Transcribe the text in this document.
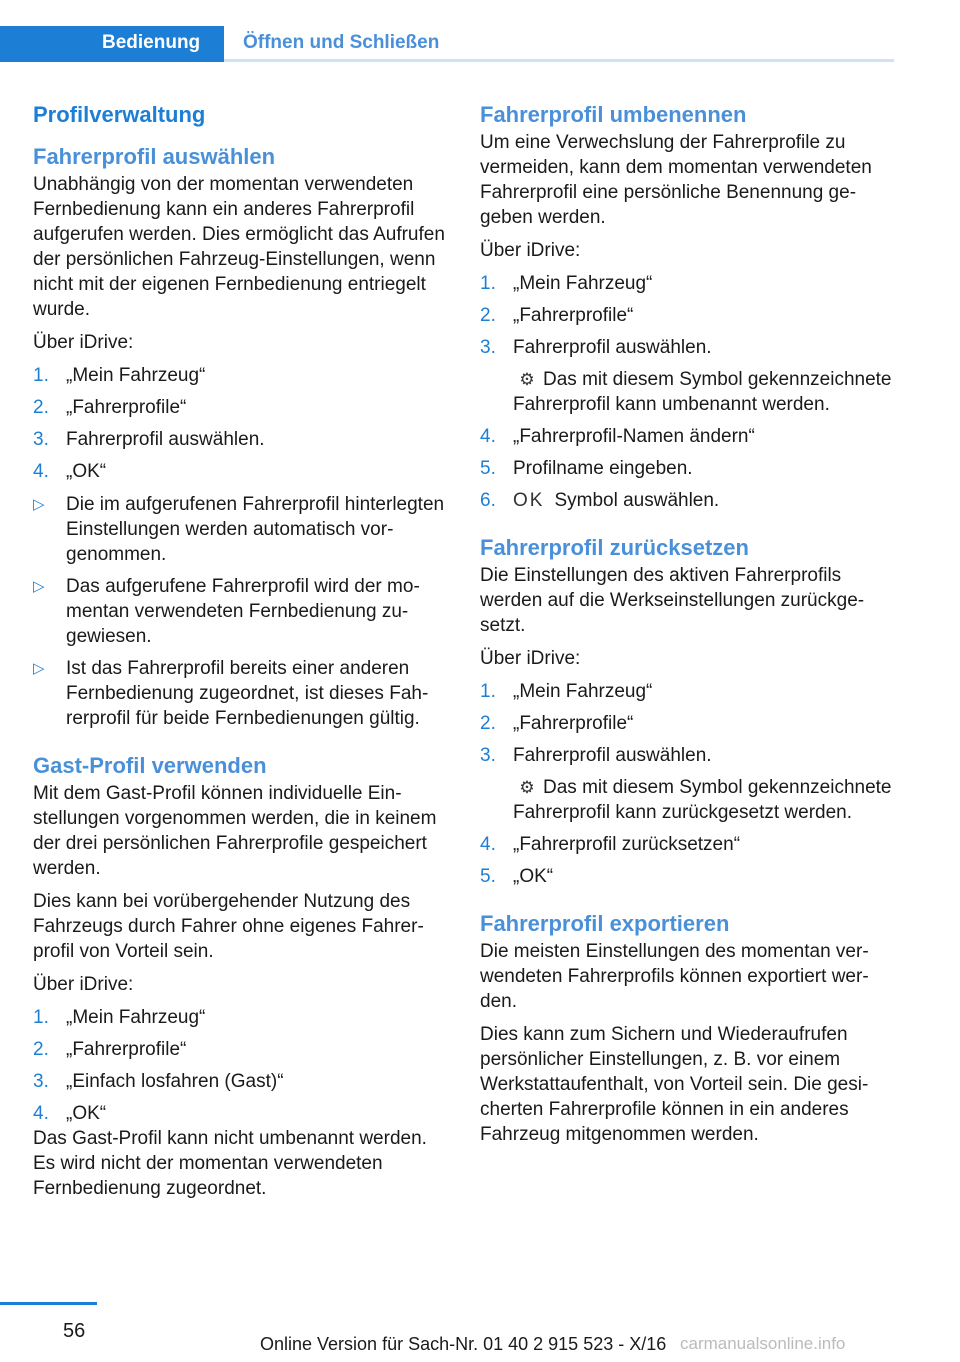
Bedienung	Öffnen und Schließen
Profilverwaltung
Fahrerprofil auswählen

Unabhängig von der momentan verwendeten Fernbedienung kann ein anderes Fahrerprofil aufgerufen werden. Dies ermöglicht das Aufrufen der persönlichen Fahrzeug-Einstellungen, wenn nicht mit der eigenen Fernbedienung entriegelt wurde.

Über iDrive:

1. „Mein Fahrzeug“
2. „Fahrerprofile“
3. Fahrerprofil auswählen.
4. „OK“
▷ Die im aufgerufenen Fahrerprofil hinterlegten Einstellungen werden automatisch vorgenommen.
▷ Das aufgerufene Fahrerprofil wird der momentan verwendeten Fernbedienung zugewiesen.
▷ Ist das Fahrerprofil bereits einer anderen Fernbedienung zugeordnet, ist dieses Fahrerprofil für beide Fernbedienungen gültig.
Gast-Profil verwenden

Mit dem Gast-Profil können individuelle Einstellungen vorgenommen werden, die in keinem der drei persönlichen Fahrerprofile gespeichert werden.

Dies kann bei vorübergehender Nutzung des Fahrzeugs durch Fahrer ohne eigenes Fahrerprofil von Vorteil sein.

Über iDrive:

1. „Mein Fahrzeug“
2. „Fahrerprofile“
3. „Einfach losfahren (Gast)“
4. „OK“

Das Gast-Profil kann nicht umbenannt werden. Es wird nicht der momentan verwendeten Fernbedienung zugeordnet.

Fahrerprofil umbenennen

Um eine Verwechslung der Fahrerprofile zu vermeiden, kann dem momentan verwendeten Fahrerprofil eine persönliche Benennung gegeben werden.

Über iDrive:

1. „Mein Fahrzeug“
2. „Fahrerprofile“
3. Fahrerprofil auswählen.
⚙ Das mit diesem Symbol gekennzeichnete Fahrerprofil kann umbenannt werden.
4. „Fahrerprofil-Namen ändern“
5. Profilname eingeben.
6. OK Symbol auswählen.
Fahrerprofil zurücksetzen

Die Einstellungen des aktiven Fahrerprofils werden auf die Werkseinstellungen zurückgesetzt.

Über iDrive:

1. „Mein Fahrzeug“
2. „Fahrerprofile“
3. Fahrerprofil auswählen.
⚙ Das mit diesem Symbol gekennzeichnete Fahrerprofil kann zurückgesetzt werden.
4. „Fahrerprofil zurücksetzen“
5. „OK“
Fahrerprofil exportieren

Die meisten Einstellungen des momentan verwendeten Fahrerprofils können exportiert werden.

Dies kann zum Sichern und Wiederaufrufen persönlicher Einstellungen, z. B. vor einem Werkstattaufenthalt, von Vorteil sein. Die gesicherten Fahrerprofile können in ein anderes Fahrzeug mitgenommen werden.

56
Online Version für Sach-Nr. 01 40 2 915 523 - X/16 carmanualsonline.info
